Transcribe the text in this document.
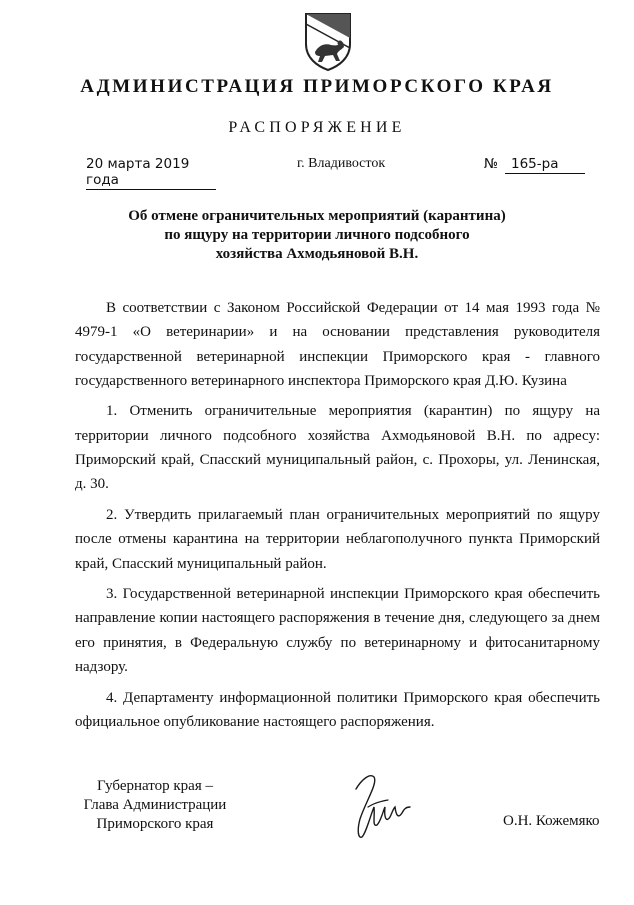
АДМИНИСТРАЦИЯ ПРИМОРСКОГО КРАЯ
РАСПОРЯЖЕНИЕ
20 марта 2019 года
г. Владивосток	№ 165-ра
Об отмене ограничительных мероприятий (карантина)
по ящуру на территории личного подсобного
хозяйства Ахмодьяновой В.Н.

В соответствии с Законом Российской Федерации от 14 мая 1993 года № 4979-1 «О ветеринарии» и на основании представления руководителя государственной ветеринарной инспекции Приморского края - главного государственного ветеринарного инспектора Приморского края Д.Ю. Кузина

1. Отменить ограничительные мероприятия (карантин) по ящуру на территории личного подсобного хозяйства Ахмодьяновой В.Н. по адресу: Приморский край, Спасский муниципальный район, с. Прохоры, ул. Ленинская, д. 30.

2. Утвердить прилагаемый план ограничительных мероприятий по ящуру после отмены карантина на территории неблагополучного пункта Приморский край, Спасский муниципальный район.

3. Государственной ветеринарной инспекции Приморского края обеспечить направление копии настоящего распоряжения в течение дня, следующего за днем его принятия, в Федеральную службу по ветеринарному и фитосанитарному надзору.

4. Департаменту информационной политики Приморского края обеспечить официальное опубликование настоящего распоряжения.

Губернатор края –
Глава Администрации
Приморского края	О.Н. Кожемяко
